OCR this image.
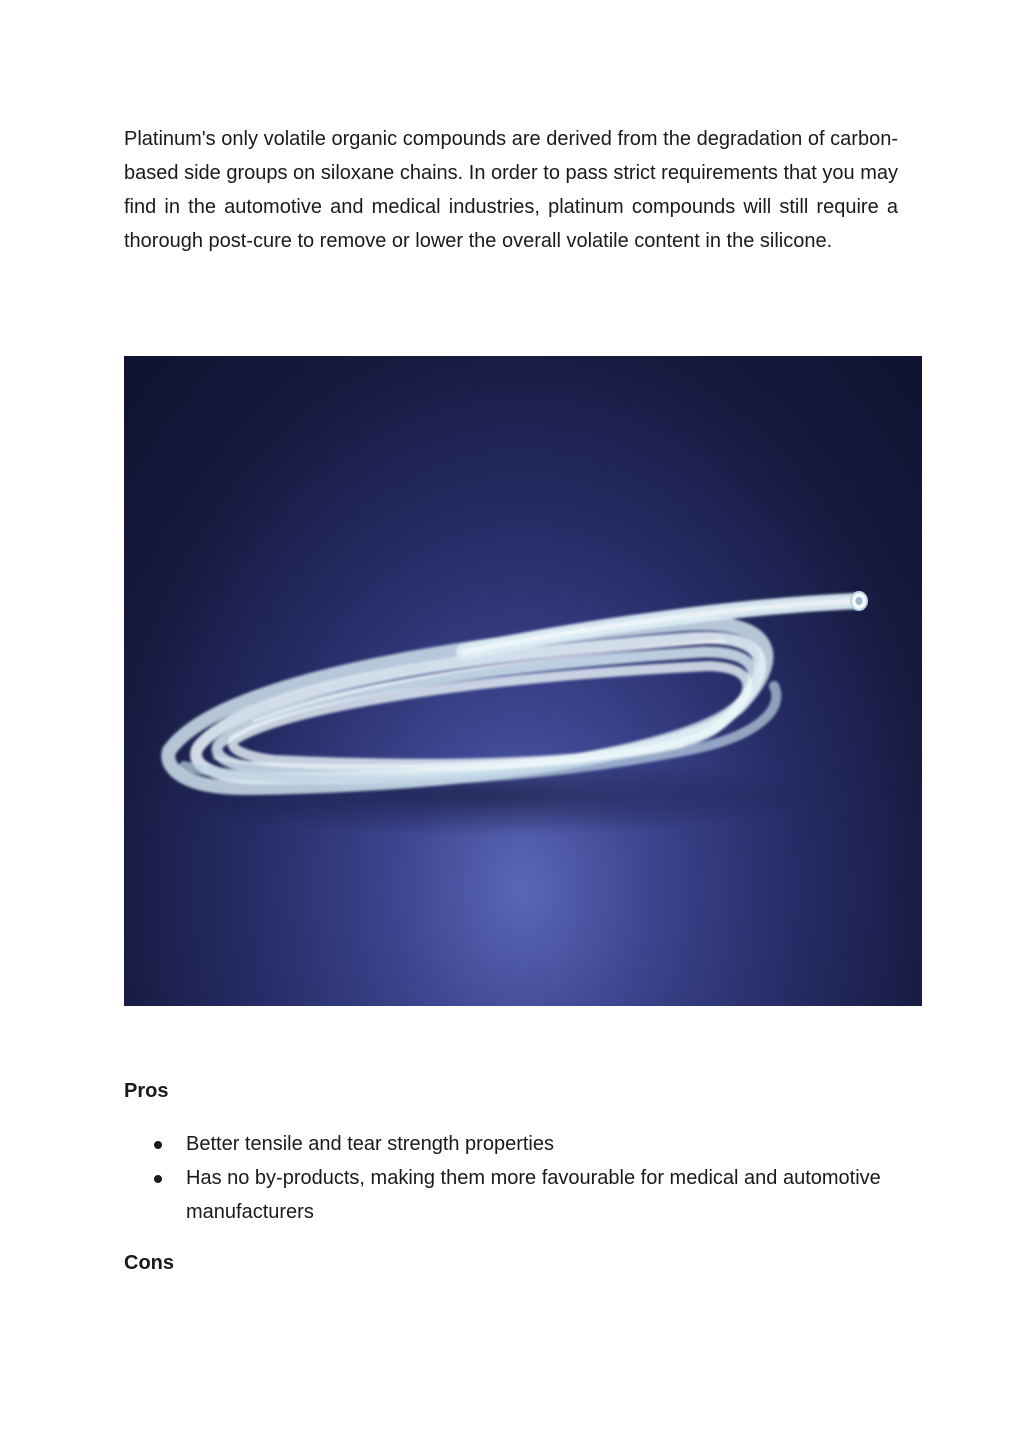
Platinum's only volatile organic compounds are derived from the degradation of carbon-based side groups on siloxane chains. In order to pass strict requirements that you may find in the automotive and medical industries, platinum compounds will still require a thorough post-cure to remove or lower the overall volatile content in the silicone.

Pros
Better tensile and tear strength properties
Has no by-products, making them more favourable for medical and automotive manufacturers
Cons
